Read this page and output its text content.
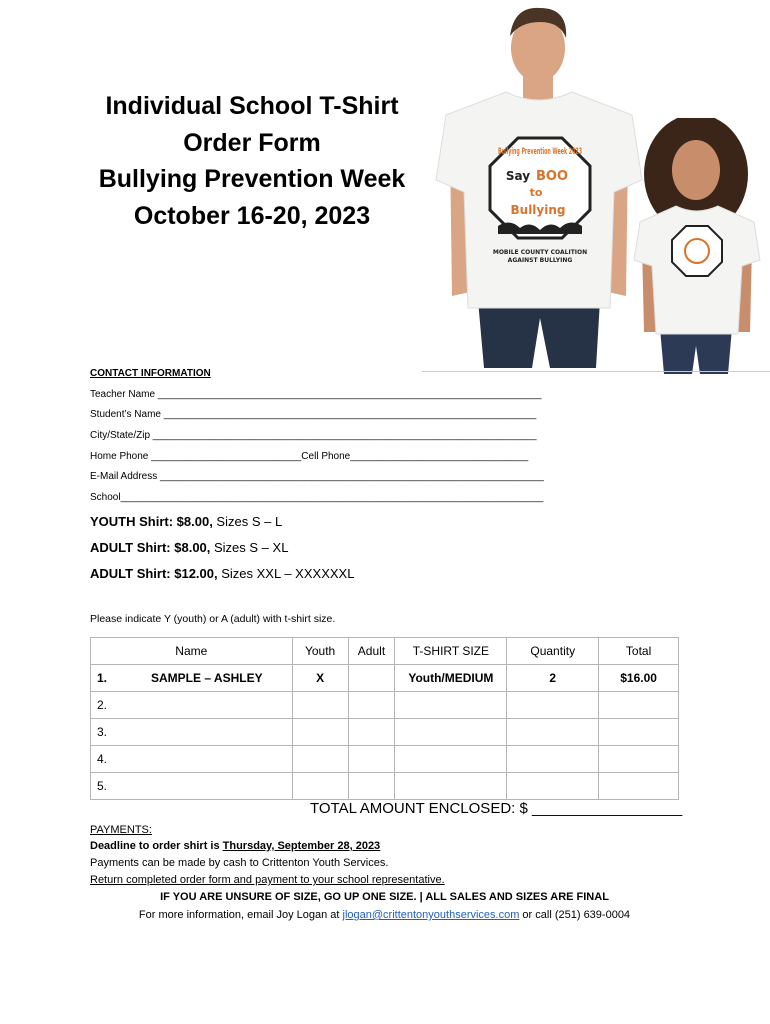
Individual School T-Shirt
Order Form
Bullying Prevention Week
October 16-20, 2023
Bullying Prevention Week 2023
Say BOO
to
Bullying
MOBILE COUNTY COALITION
AGAINST BULLYING
CONTACT INFORMATION
Teacher Name _____________________________________________________________________
Student’s Name ___________________________________________________________________
City/State/Zip _____________________________________________________________________
Home Phone ___________________________Cell Phone________________________________
E-Mail Address _____________________________________________________________________
School____________________________________________________________________________
YOUTH Shirt: $8.00, Sizes S – L
ADULT Shirt: $8.00, Sizes S – XL
ADULT Shirt: $12.00, Sizes XXL – XXXXXXL
Please indicate Y (youth) or A (adult) with t-shirt size.
Name	Youth	Adult	T-SHIRT SIZE	Quantity	Total
1. SAMPLE – ASHLEY	X		Youth/MEDIUM	2	$16.00
2.					
3.					
4.					
5.					
TOTAL AMOUNT ENCLOSED: $ __________________
PAYMENTS:
Deadline to order shirt is Thursday, September 28, 2023
Payments can be made by cash to Crittenton Youth Services.
Return completed order form and payment to your school representative.
IF YOU ARE UNSURE OF SIZE, GO UP ONE SIZE. | ALL SALES AND SIZES ARE FINAL
For more information, email Joy Logan at jlogan@crittentonyouthservices.com or call (251) 639-0004
